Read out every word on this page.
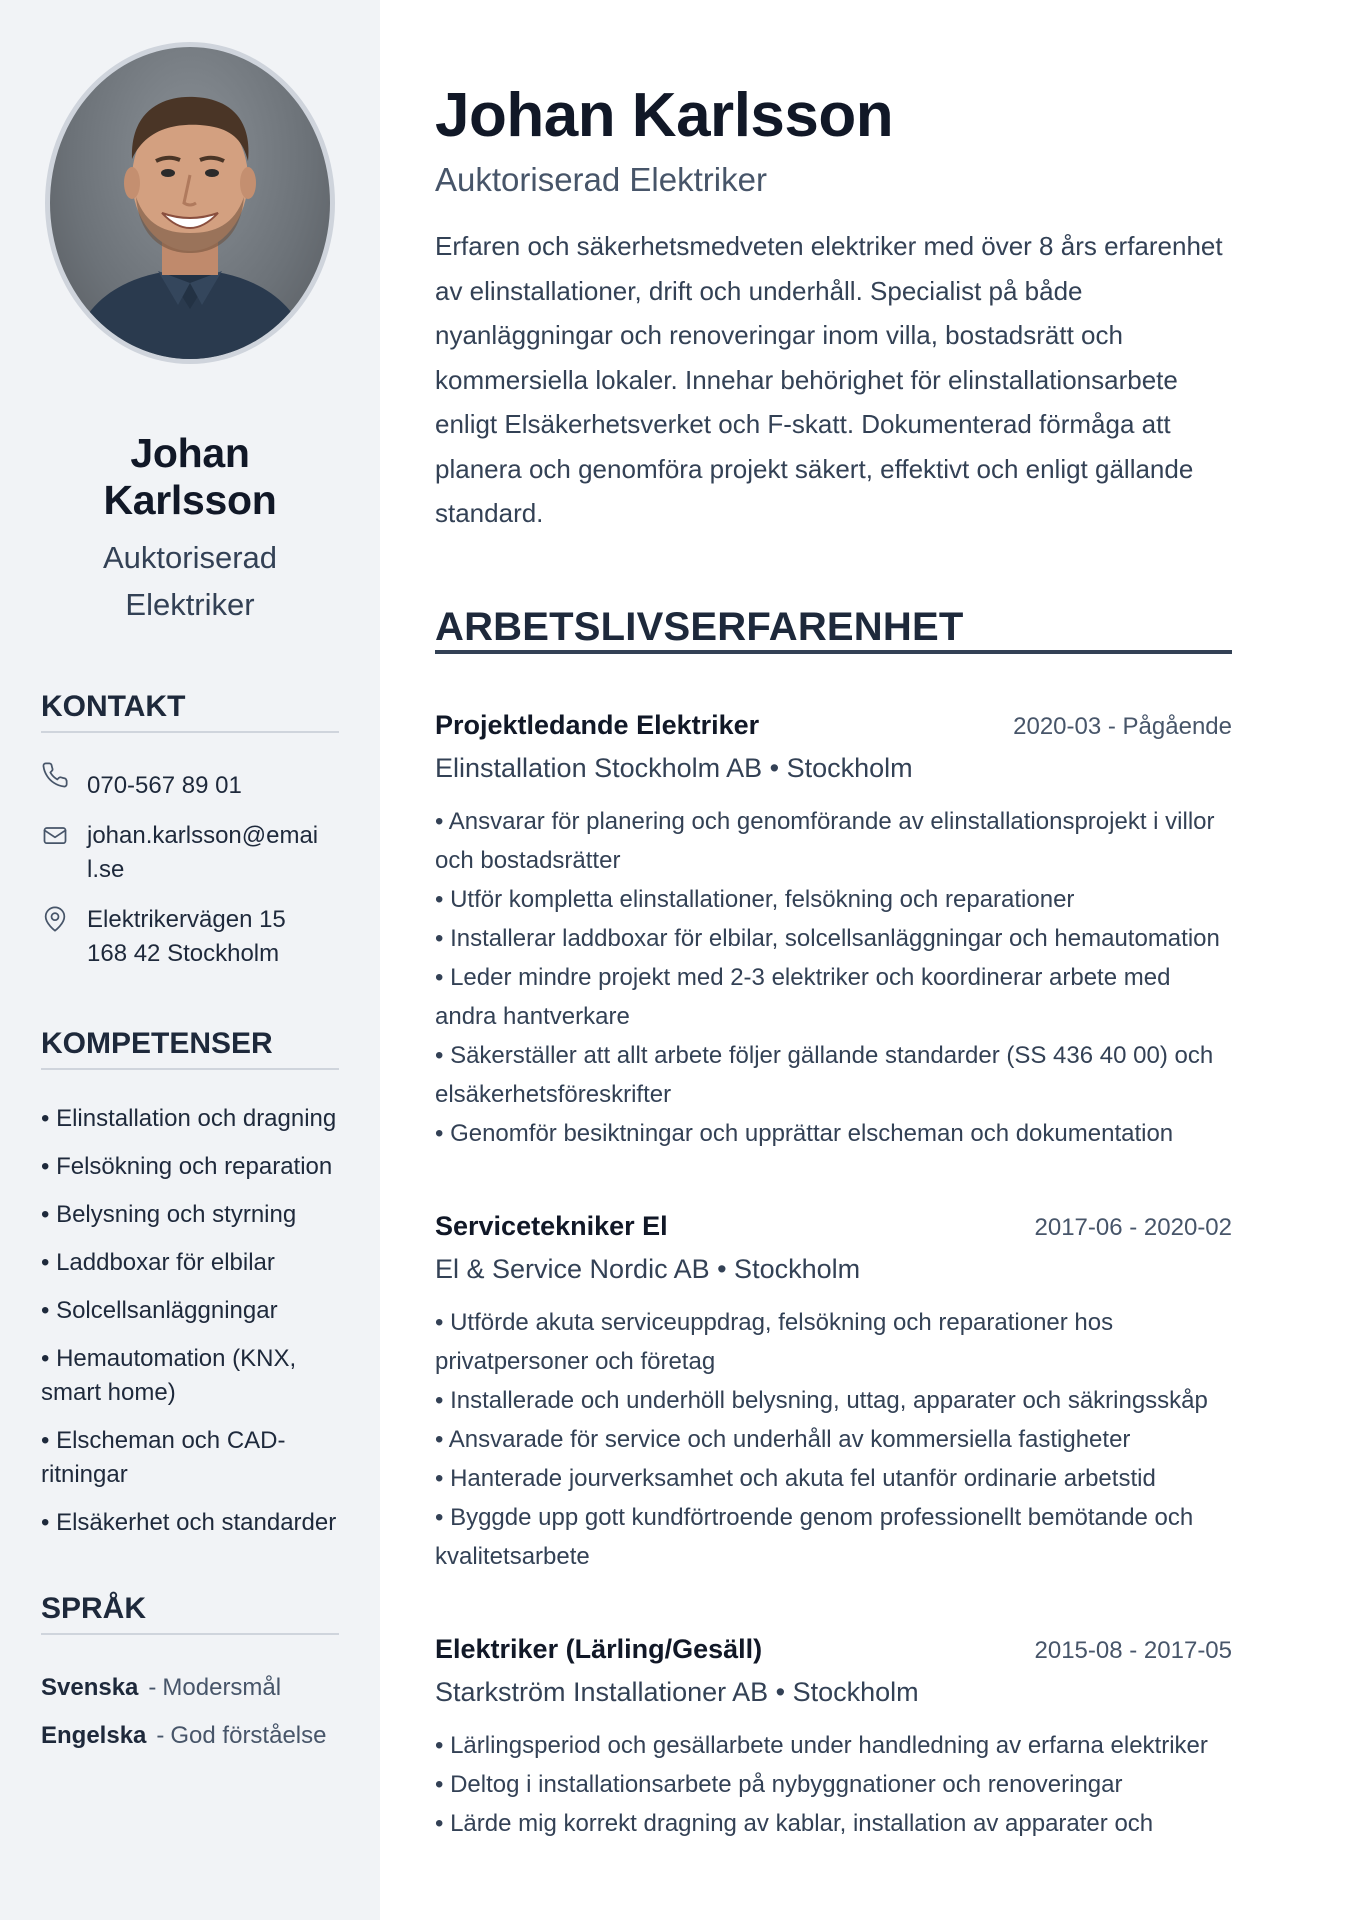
Johan Karlsson
Auktoriserad Elektriker
KONTAKT
070-567 89 01
johan.karlsson@email.se
Elektrikervägen 15
168 42 Stockholm
KOMPETENSER
• Elinstallation och dragning
• Felsökning och reparation
• Belysning och styrning
• Laddboxar för elbilar
• Solcellsanläggningar
• Hemautomation (KNX, smart home)
• Elscheman och CAD-ritningar
• Elsäkerhet och standarder
SPRÅK
Svenska - Modersmål
Engelska - God förståelse
Johan Karlsson
Auktoriserad Elektriker

Erfaren och säkerhetsmedveten elektriker med över 8 års erfarenhet av elinstallationer, drift och underhåll. Specialist på både nyanläggningar och renoveringar inom villa, bostadsrätt och kommersiella lokaler. Innehar behörighet för elinstallationsarbete enligt Elsäkerhetsverket och F-skatt. Dokumenterad förmåga att planera och genomföra projekt säkert, effektivt och enligt gällande standard.

ARBETSLIVSERFARENHET
Projektledande Elektriker	2020-03 - Pågående
Elinstallation Stockholm AB • Stockholm
• Ansvarar för planering och genomförande av elinstallationsprojekt i villor och bostadsrätter
• Utför kompletta elinstallationer, felsökning och reparationer
• Installerar laddboxar för elbilar, solcellsanläggningar och hemautomation
• Leder mindre projekt med 2-3 elektriker och koordinerar arbete med andra hantverkare
• Säkerställer att allt arbete följer gällande standarder (SS 436 40 00) och elsäkerhetsföreskrifter
• Genomför besiktningar och upprättar elscheman och dokumentation
Servicetekniker El	2017-06 - 2020-02
El & Service Nordic AB • Stockholm
• Utförde akuta serviceuppdrag, felsökning och reparationer hos privatpersoner och företag
• Installerade och underhöll belysning, uttag, apparater och säkringsskåp
• Ansvarade för service och underhåll av kommersiella fastigheter
• Hanterade jourverksamhet och akuta fel utanför ordinarie arbetstid
• Byggde upp gott kundförtroende genom professionellt bemötande och kvalitetsarbete
Elektriker (Lärling/Gesäll)	2015-08 - 2017-05
Starkström Installationer AB • Stockholm
• Lärlingsperiod och gesällarbete under handledning av erfarna elektriker
• Deltog i installationsarbete på nybyggnationer och renoveringar
• Lärde mig korrekt dragning av kablar, installation av apparater och
